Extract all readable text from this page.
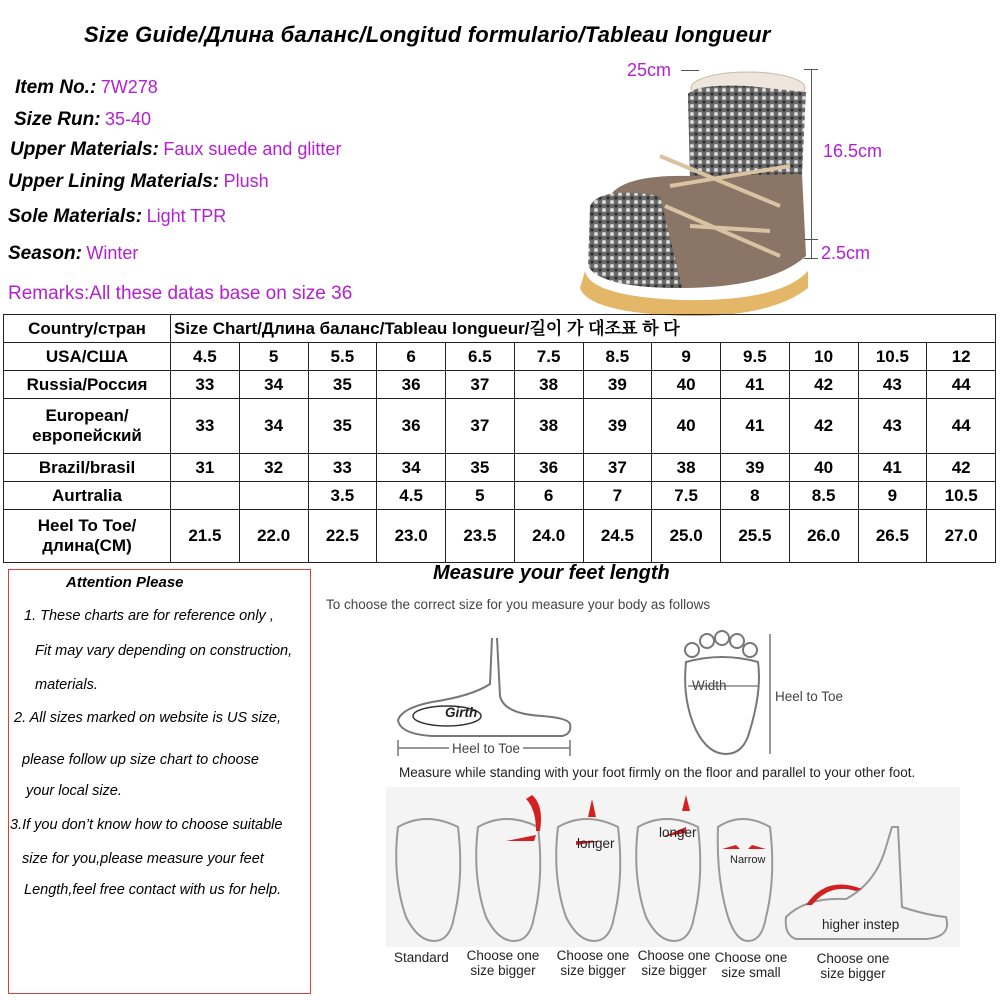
Size Guide/Длина баланс/Longitud formulario/Tableau longueur
Item No.: 7W278
Size Run: 35-40
Upper Materials: Faux suede and glitter
Upper Lining Materials: Plush
Sole Materials: Light TPR
Season: Winter
Remarks:All these datas base on size 36
25cm
16.5cm
2.5cm
Country/стран	Size Chart/Длина баланс/Tableau longueur/길이 가 대조표 하 다											
USA/США	4.5	5	5.5	6	6.5	7.5	8.5	9	9.5	10	10.5	12
Russia/Россия	33	34	35	36	37	38	39	40	41	42	43	44
European/европейский	33	34	35	36	37	38	39	40	41	42	43	44
Brazil/brasil	31	32	33	34	35	36	37	38	39	40	41	42
Aurtralia			3.5	4.5	5	6	7	7.5	8	8.5	9	10.5
Heel To Toe/длина(CM)	21.5	22.0	22.5	23.0	23.5	24.0	24.5	25.0	25.5	26.0	26.5	27.0
Attention Please
1. These charts are for reference only ,
Fit may vary depending on construction,
materials.
2. All sizes marked on website is US size,
please follow up size chart to choose
your local size.
3.If you don’t know how to choose suitable
size for you,please measure your feet
Length,feel free contact with us for help.
Measure your feet length
To choose the correct size for you measure your body as follows
Girth
Heel to Toe
Width
Heel to Toe
Measure while standing with your foot firmly on the floor and parallel to your other foot.
longer
longer
Narrow
higher instep
Standard Choose one size bigger
Choose one size bigger
Choose one size bigger
Choose one size small
Choose one size bigger
